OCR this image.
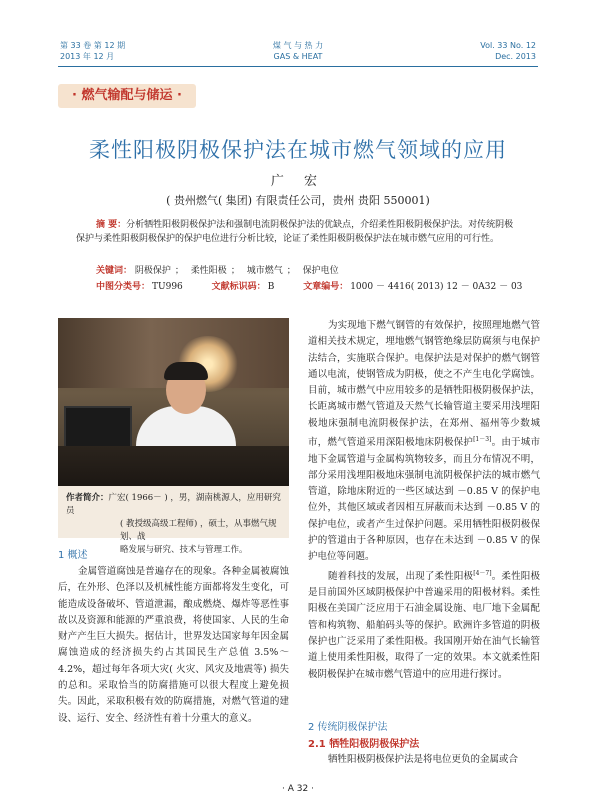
第 33 卷 第 12 期
2013 年 12 月
煤 气 与 热 力
GAS & HEAT
Vol. 33 No. 12
Dec. 2013
· 燃气输配与储运 ·
柔性阳极阴极保护法在城市燃气领域的应用
广 宏
( 贵州燃气( 集团) 有限责任公司，贵州 贵阳 550001)
摘 要：分析牺牲阳极阴极保护法和强制电流阴极保护法的优缺点，介绍柔性阳极阴极保护法。对传统阴极保护与柔性阳极阴极保护的保护电位进行分析比较，论证了柔性阳极阴极保护法在城市燃气应用的可行性。
关键词： 阴极保护 ； 柔性阳极 ； 城市燃气 ； 保护电位
中图分类号： TU996	文献标识码： B	文章编号： 1000 － 4416( 2013) 12 － 0A32 － 03
作者简介：广宏( 1966－ ) ，男，湖南桃源人，应用研究员
( 教授级高级工程师) ，硕士，从事燃气规划、战
略发展与研究、技术与管理工作。
1 概述

金属管道腐蚀是普遍存在的现象。各种金属被腐蚀后，在外形、色泽以及机械性能方面都将发生变化，可能造成设备破坏、管道泄漏，酿成燃烧、爆炸等恶性事故以及资源和能源的严重浪费，将使国家、人民的生命财产产生巨大损失。据估计，世界发达国家每年因金属腐蚀造成的经济损失约占其国民生产总值 3.5%～4.2%，超过每年各项大灾( 火灾、风灾及地震等) 损失的总和。采取恰当的防腐措施可以很大程度上避免损失。因此，采取积极有效的防腐措施，对燃气管道的建设、运行、安全、经济性有着十分重大的意义。

为实现地下燃气钢管的有效保护，按照理地燃气管道相关技术规定，埋地燃气钢管绝缘层防腐须与电保护法结合，实施联合保护。电保护法是对保护的燃气钢管通以电流，使钢管成为阴极，使之不产生电化学腐蚀。目前，城市燃气中应用较多的是牺牲阳极阴极保护法，长距离城市燃气管道及天然气长输管道主要采用浅埋阳极地床强制电流阴极保护法，在郑州、福州等少数城市，燃气管道采用深阳极地床阴极保护[1－3]。由于城市地下金属管道与金属构筑物较多，而且分布情况不明，部分采用浅埋阳极地床强制电流阴极保护法的城市燃气管道，除地床附近的一些区域达到 －0.85 V 的保护电位外，其他区域或者因相互屏蔽而未达到 －0.85 V 的保护电位，或者产生过保护问题。采用牺牲阳极阴极保护的管道由于各种原因，也存在未达到 －0.85 V 的保护电位等问题。

随着科技的发展，出现了柔性阳极[4－7]。柔性阳极是目前国外区域阴极保护中普遍采用的阳极材料。柔性阳极在美国广泛应用于石油金属设施、电厂地下金属配管和构筑物、船舶码头等的保护。欧洲许多管道的阴极保护也广泛采用了柔性阳极。我国刚开始在油气长输管道上使用柔性阳极，取得了一定的效果。本文就柔性阳极阴极保护在城市燃气管道中的应用进行探讨。

2 传统阴极保护法
2.1 牺牲阳极阴极保护法

牺牲阳极阴极保护法是将电位更负的金属或合

· A 32 ·
